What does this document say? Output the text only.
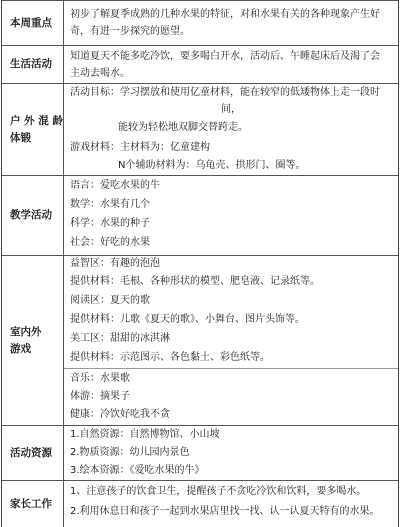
本周重点
初步了解夏季成熟的几种水果的特征，对和水果有关的各种现象产生好
奇，有进一步探究的愿望。
生活活动
知道夏天不能多吃冷饮，要多喝白开水，活动后、午睡起床后及渴了会
主动去喝水。
户 外 混 龄
体锻
活动目标：学习摆放和使用亿童材料，能在较窄的低矮物体上走一段时
间，
能较为轻松地双脚交替跨走。
游戏材料：主材料为：亿童建构
N个辅助材料为：乌龟壳、拱形门、圈等。
教学活动
语言：爱吃水果的牛
数学：水果有几个
科学：水果的种子
社会：好吃的水果
室内外
游戏
益智区：有趣的泡泡
提供材料：毛根、各种形状的模型、肥皂液、记录纸等。
阅读区：夏天的歌
提供材料：儿歌《夏天的歌》、小舞台、图片头饰等。
美工区：甜甜的冰淇淋
提供材料：示范图示、各色黏土、彩色纸等。
音乐：水果歌
体游：摘果子
健康：冷饮好吃我不贪
活动资源
1.自然资源：自然博物馆、小山坡
2.物质资源：幼儿园内景色
3.绘本资源：《爱吃水果的牛》
家长工作
1、注意孩子的饮食卫生，提醒孩子不贪吃冷饮和饮料，要多喝水。
2.利用休息日和孩子一起到水果店里找一找、认一认夏天特有的水果。
